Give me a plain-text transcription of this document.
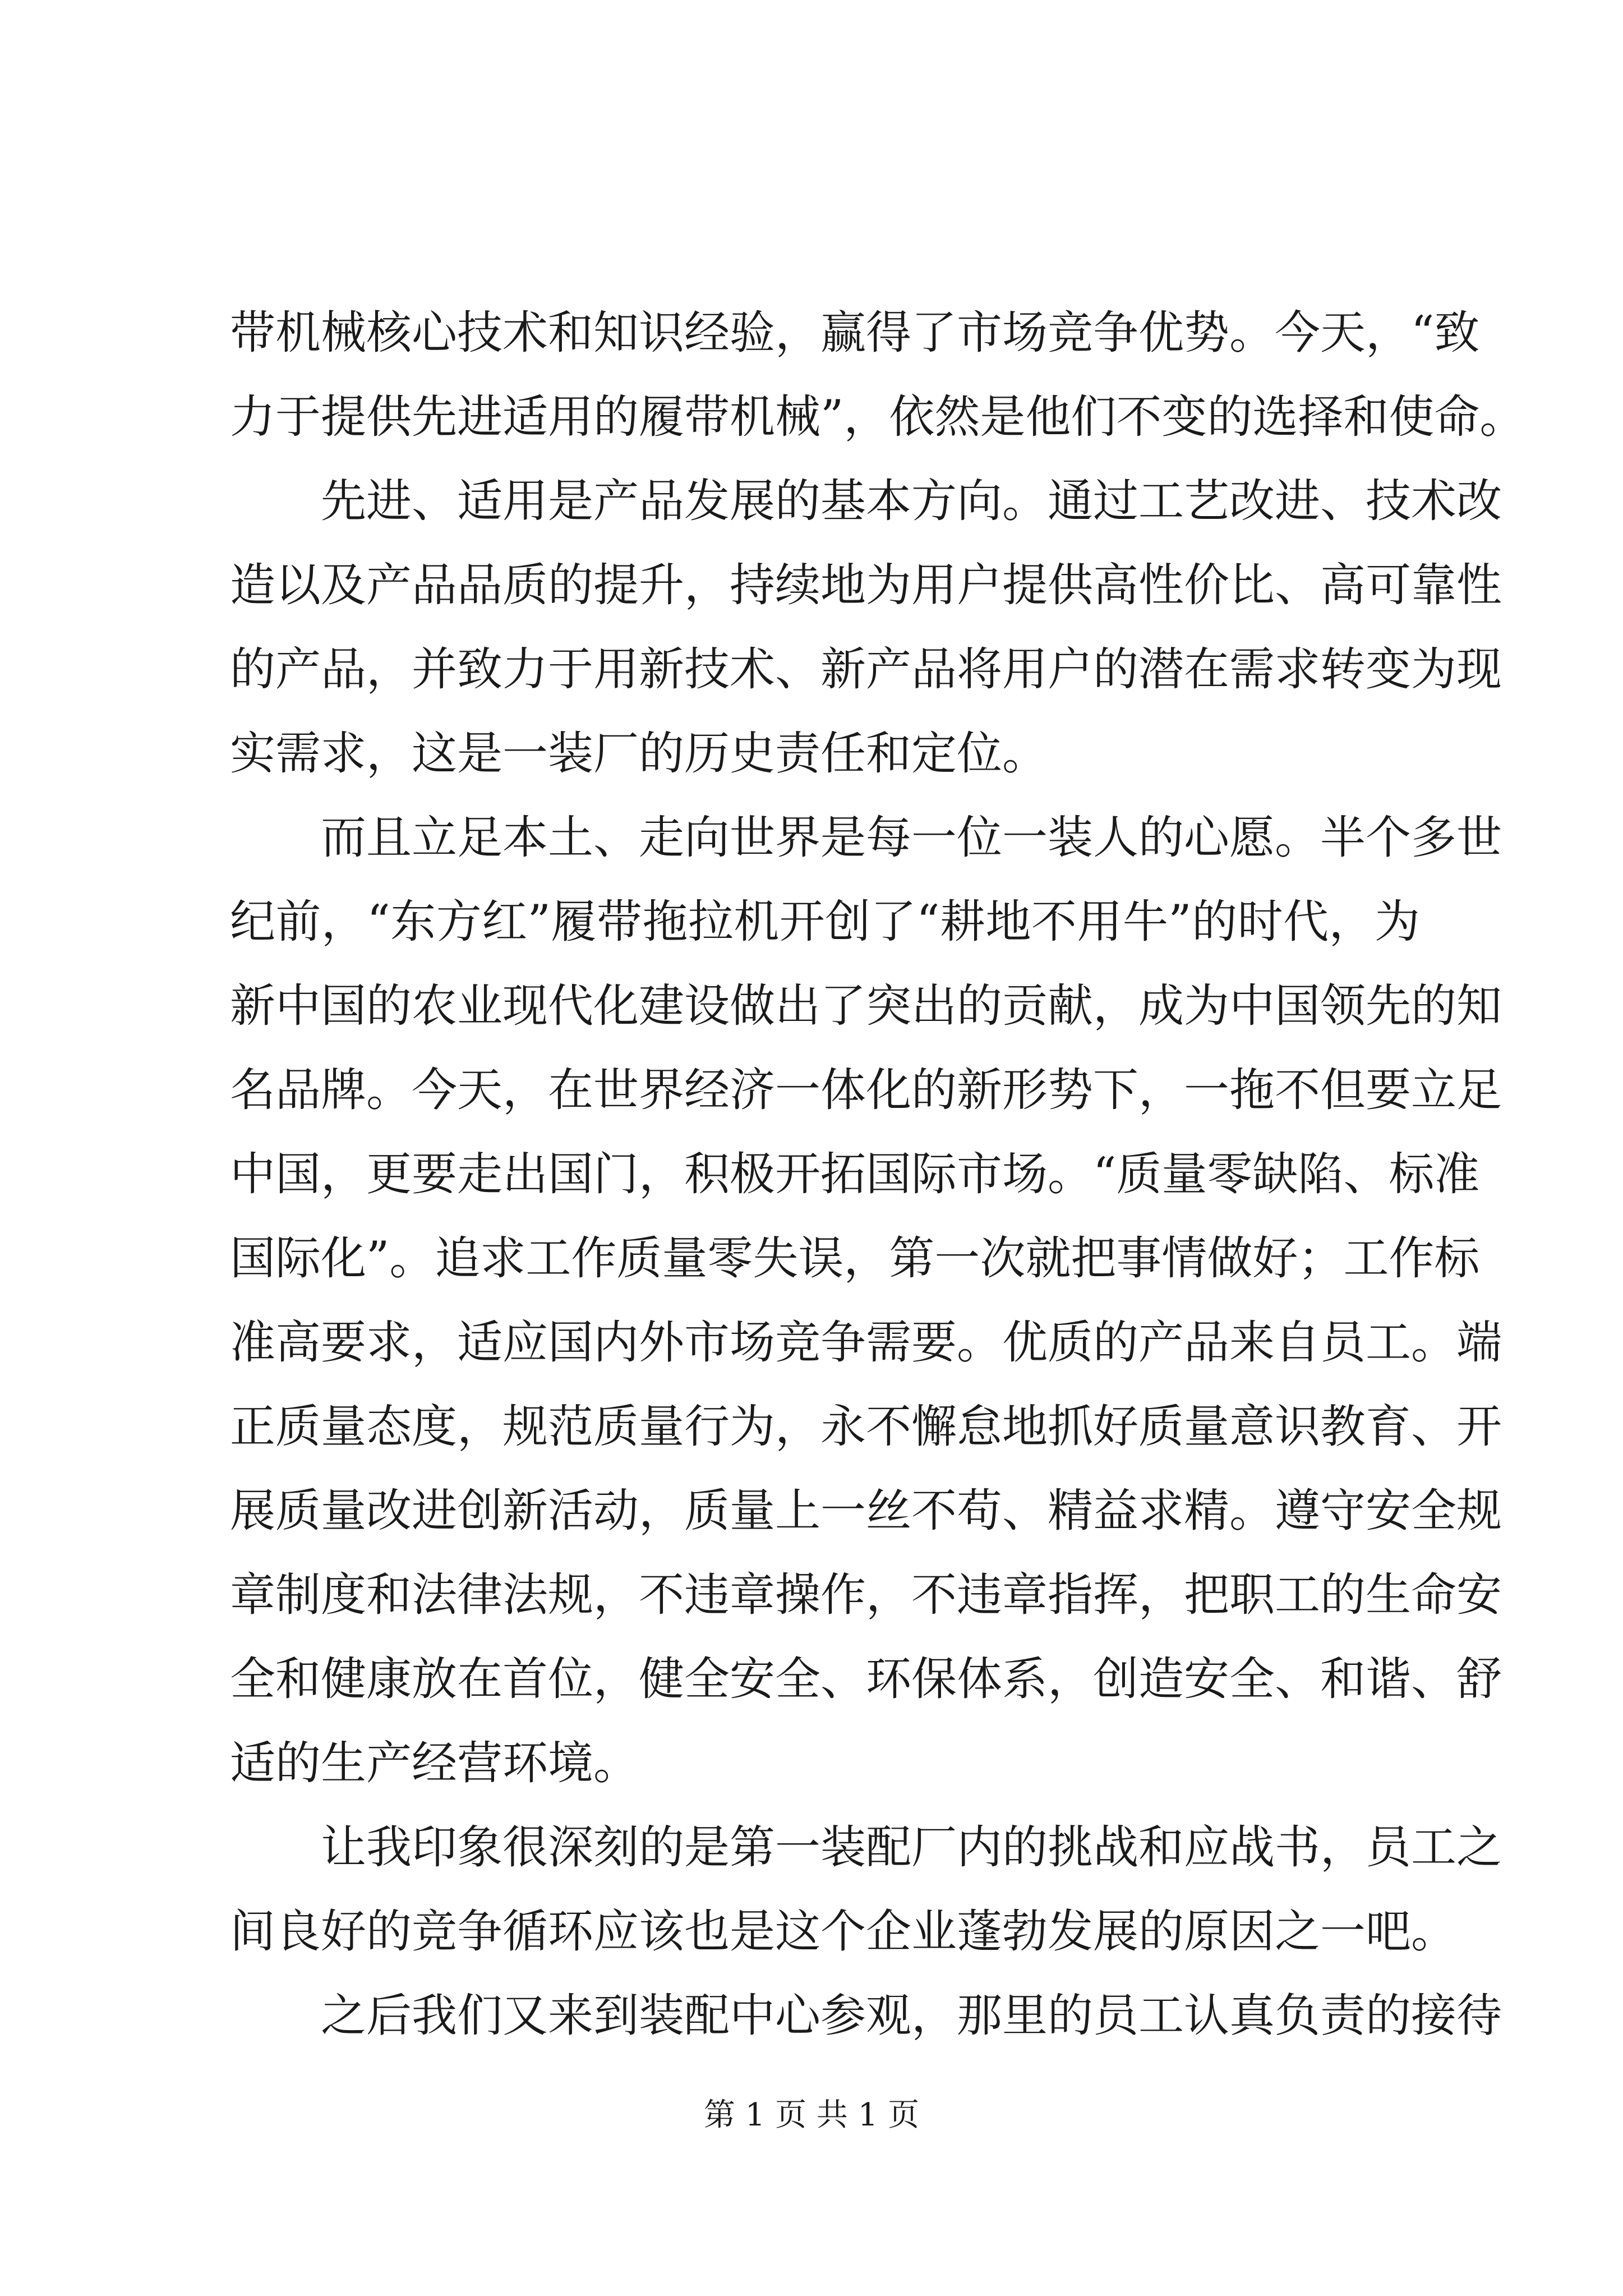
带机械核心技术和知识经验，赢得了市场竞争优势。今天，“致
力于提供先进适用的履带机械”，依然是他们不变的选择和使命。
　　先进、适用是产品发展的基本方向。通过工艺改进、技术改
造以及产品品质的提升，持续地为用户提供高性价比、高可靠性
的产品，并致力于用新技术、新产品将用户的潜在需求转变为现
实需求，这是一装厂的历史责任和定位。
　　而且立足本土、走向世界是每一位一装人的心愿。半个多世
纪前，“东方红”履带拖拉机开创了“耕地不用牛”的时代，为
新中国的农业现代化建设做出了突出的贡献，成为中国领先的知
名品牌。今天，在世界经济一体化的新形势下，一拖不但要立足
中国，更要走出国门，积极开拓国际市场。“质量零缺陷、标准
国际化”。追求工作质量零失误，第一次就把事情做好；工作标
准高要求，适应国内外市场竞争需要。优质的产品来自员工。端
正质量态度，规范质量行为，永不懈怠地抓好质量意识教育、开
展质量改进创新活动，质量上一丝不苟、精益求精。遵守安全规
章制度和法律法规，不违章操作，不违章指挥，把职工的生命安
全和健康放在首位，健全安全、环保体系，创造安全、和谐、舒
适的生产经营环境。
　　让我印象很深刻的是第一装配厂内的挑战和应战书，员工之
间良好的竞争循环应该也是这个企业蓬勃发展的原因之一吧。
　　之后我们又来到装配中心参观，那里的员工认真负责的接待
第 1 页 共 1 页
